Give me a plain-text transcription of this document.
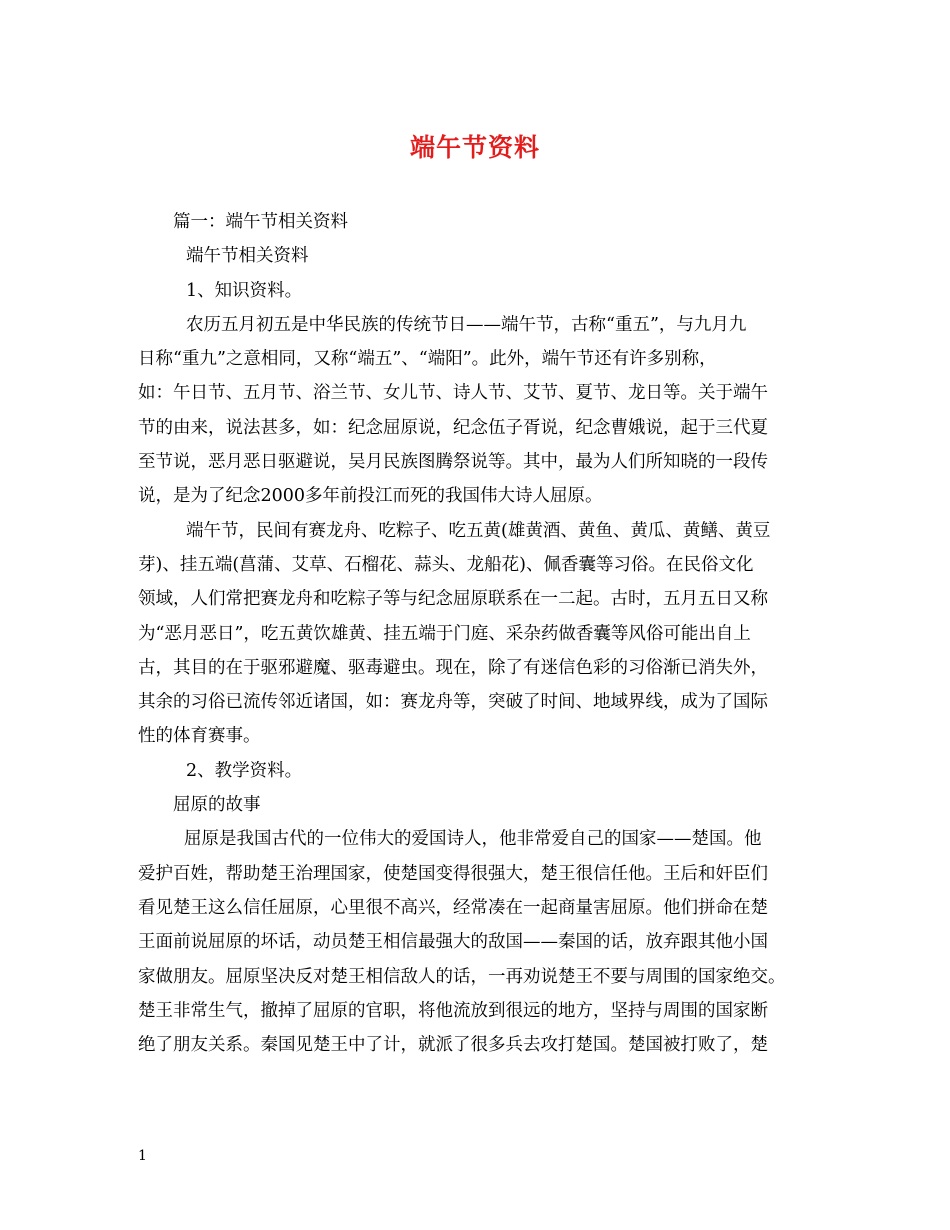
端午节资料
篇一：端午节相关资料
端午节相关资料
1、知识资料。
农历五月初五是中华民族的传统节日——端午节，古称“重五”，与九月九
日称“重九”之意相同，又称“端五”、“端阳”。此外，端午节还有许多别称，
如：午日节、五月节、浴兰节、女儿节、诗人节、艾节、夏节、龙日等。关于端午
节的由来，说法甚多，如：纪念屈原说，纪念伍子胥说，纪念曹娥说，起于三代夏
至节说，恶月恶日驱避说，吴月民族图腾祭说等。其中，最为人们所知晓的一段传
说，是为了纪念2000多年前投江而死的我国伟大诗人屈原。
端午节，民间有赛龙舟、吃粽子、吃五黄(雄黄酒、黄鱼、黄瓜、黄鳝、黄豆
芽)、挂五端(菖蒲、艾草、石榴花、蒜头、龙船花)、佩香囊等习俗。在民俗文化
领域，人们常把赛龙舟和吃粽子等与纪念屈原联系在一二起。古时，五月五日又称
为“恶月恶日”，吃五黄饮雄黄、挂五端于门庭、采杂药做香囊等风俗可能出自上
古，其目的在于驱邪避魔、驱毒避虫。现在，除了有迷信色彩的习俗渐已消失外，
其余的习俗已流传邻近诸国，如：赛龙舟等，突破了时间、地域界线，成为了国际
性的体育赛事。
2、教学资料。
屈原的故事
屈原是我国古代的一位伟大的爱国诗人，他非常爱自己的国家——楚国。他
爱护百姓，帮助楚王治理国家，使楚国变得很强大，楚王很信任他。王后和奸臣们
看见楚王这么信任屈原，心里很不高兴，经常凑在一起商量害屈原。他们拼命在楚
王面前说屈原的坏话，动员楚王相信最强大的敌国——秦国的话，放弃跟其他小国
家做朋友。屈原坚决反对楚王相信敌人的话，一再劝说楚王不要与周围的国家绝交。
楚王非常生气，撤掉了屈原的官职，将他流放到很远的地方，坚持与周围的国家断
绝了朋友关系。秦国见楚王中了计，就派了很多兵去攻打楚国。楚国被打败了，楚
1
